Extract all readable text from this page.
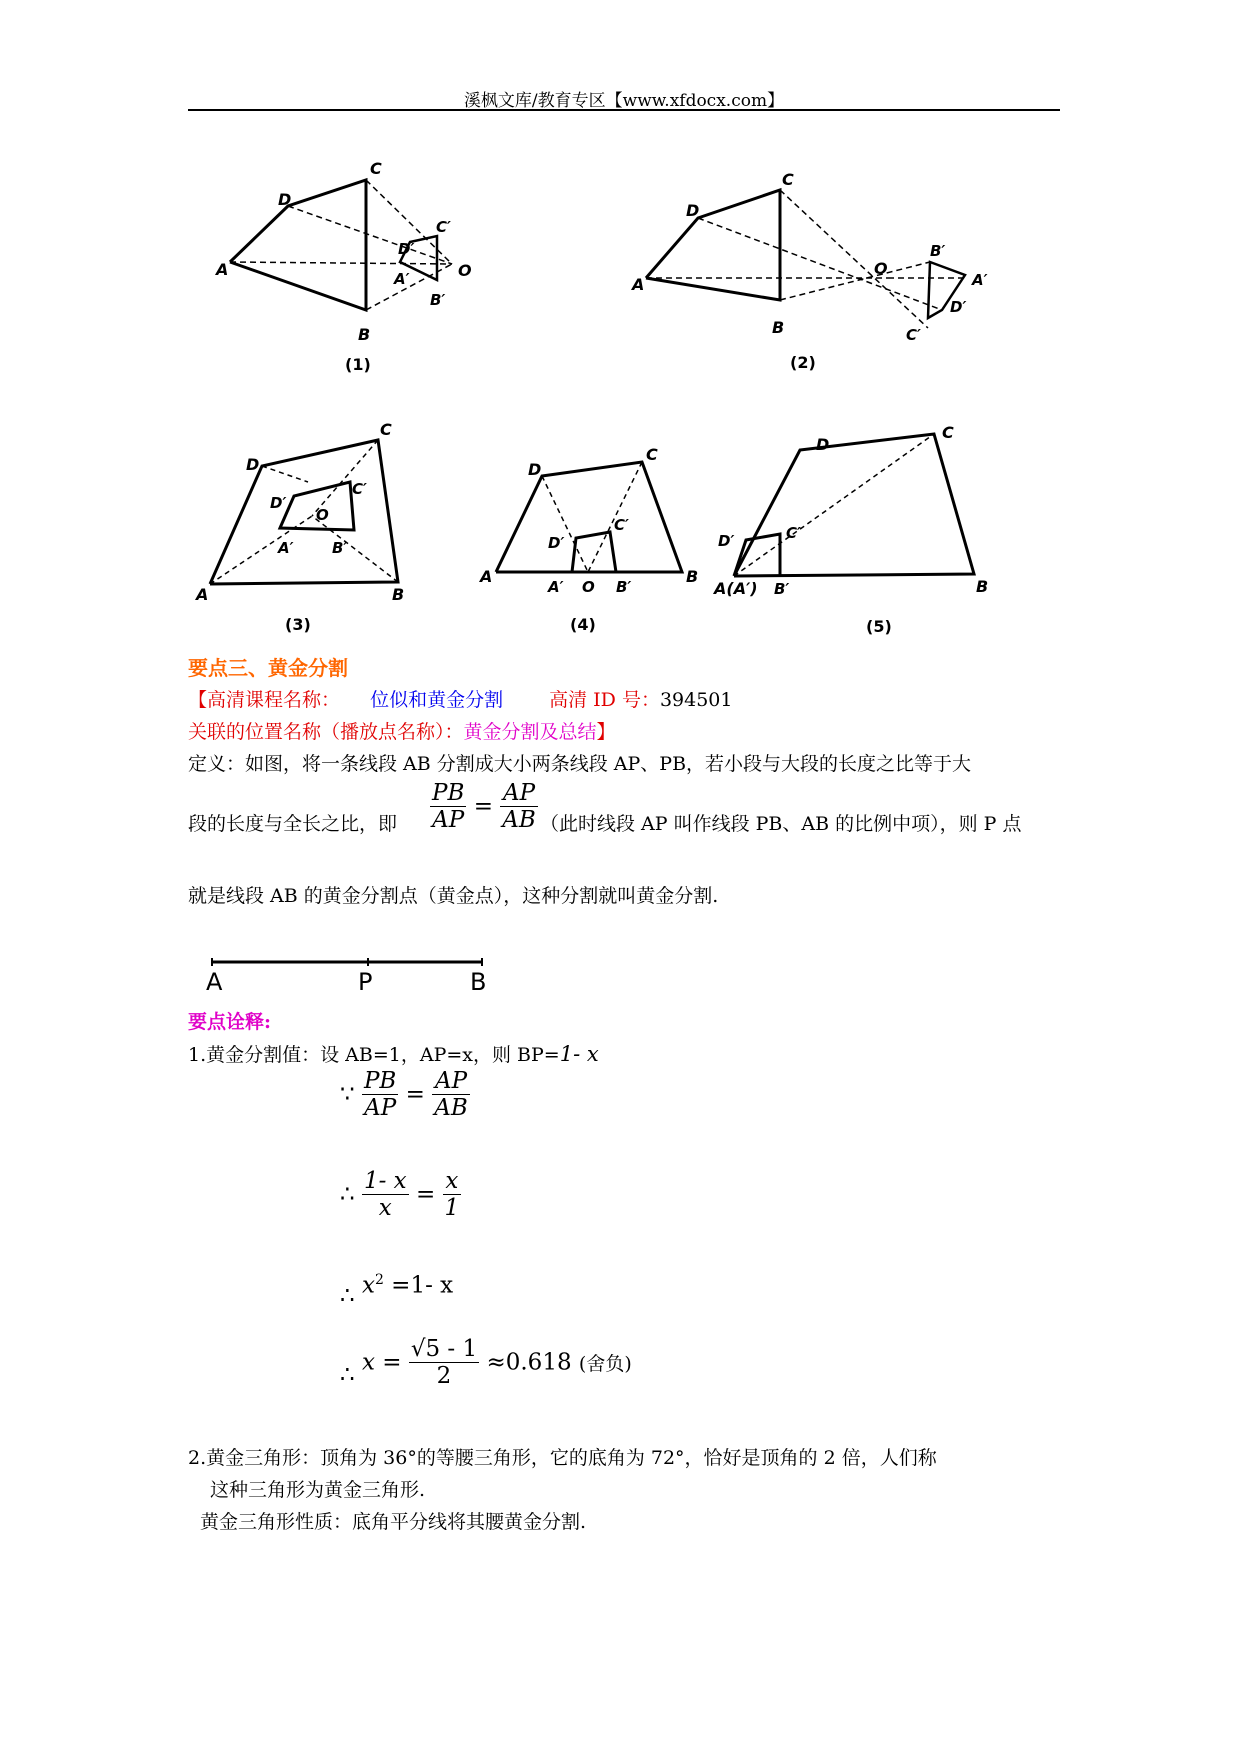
溪枫文库/教育专区【www.xfdocx.com】
A
B
C
D
O
A′
B′
C′
D′
(1)
A
B
C
D
O
A′
B′
C′
D′
(2)
A	B
C
D
O
A′	B′
C′
D′
(3)
A	B
C
D
O
A′	B′
C′
D′
(4)
A(A′)	B
C
D
B′
C′
D′
(5)
要点三、黄金分割
【高清课程名称： 位似和黄金分割 高清 ID 号：394501
关联的位置名称（播放点名称）：黄金分割及总结】
定义：如图，将一条线段 AB 分割成大小两条线段 AP、PB，若小段与大段的长度之比等于大
段的长度与全长之比，即 $\frac{PB}{AP} = \frac{AP}{AB}$ （此时线段 AP 叫作线段 PB、AB 的比例中项），则 P 点
就是线段 AB 的黄金分割点（黄金点），这种分割就叫黄金分割.
A	P	B
要点诠释:
1.黄金分割值：设 AB=1，AP=x，则 BP=1- x
∵ $\frac{PB}{AP} = \frac{AP}{AB}$
∴ $\frac{1- x}{x} = \frac{x}{1}$
∴ $x^2 =1-$ x
∴ $x = \frac{√5 - 1}{2} \approx 0.618$ (舍负)
2.黄金三角形：顶角为 36°的等腰三角形，它的底角为 72°，恰好是顶角的 2 倍，人们称
这种三角形为黄金三角形.
黄金三角形性质：底角平分线将其腰黄金分割.
